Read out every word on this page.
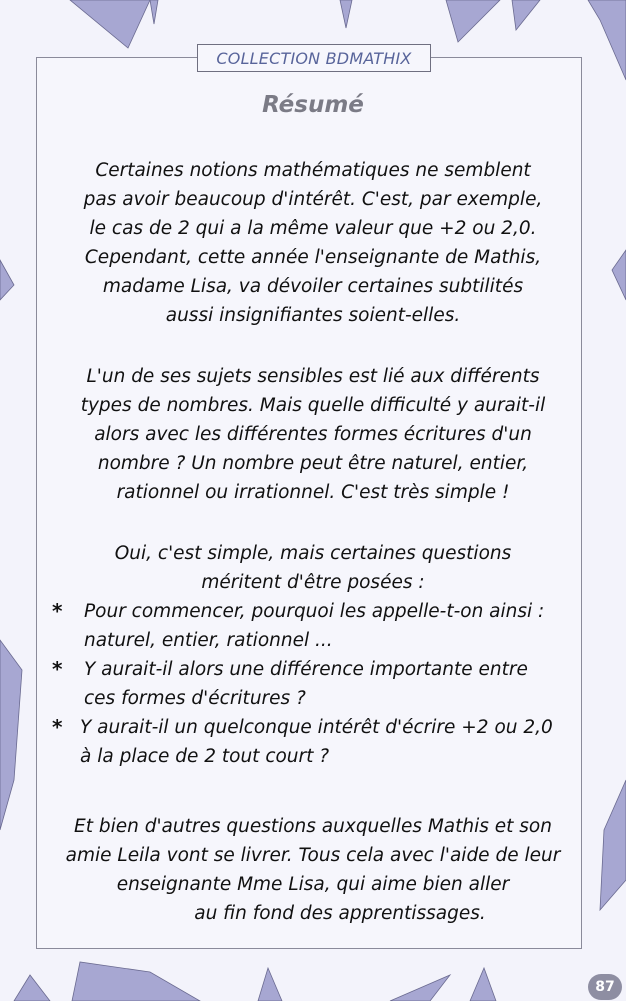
COLLECTION BDMATHIX
Résumé
Certaines notions mathématiques ne semblent
pas avoir beaucoup d'intérêt. C'est, par exemple,
le cas de 2 qui a la même valeur que +2 ou 2,0.
Cependant, cette année l'enseignante de Mathis,
madame Lisa, va dévoiler certaines subtilités
aussi insignifiantes soient-elles.
L'un de ses sujets sensibles est lié aux différents
types de nombres. Mais quelle difficulté y aurait-il
alors avec les différentes formes écritures d'un
nombre ? Un nombre peut être naturel, entier,
rationnel ou irrationnel. C'est très simple !
Oui, c'est simple, mais certaines questions
méritent d'être posées :
*	Pour commencer, pourquoi les appelle-t-on ainsi :
naturel, entier, rationnel ...
*	Y aurait-il alors une différence importante entre
ces formes d'écritures ?
* Y aurait-il un quelconque intérêt d'écrire +2 ou 2,0
à la place de 2 tout court ?
Et bien d'autres questions auxquelles Mathis et son
amie Leila vont se livrer. Tous cela avec l'aide de leur
enseignante Mme Lisa, qui aime bien aller
au fin fond des apprentissages.
87
